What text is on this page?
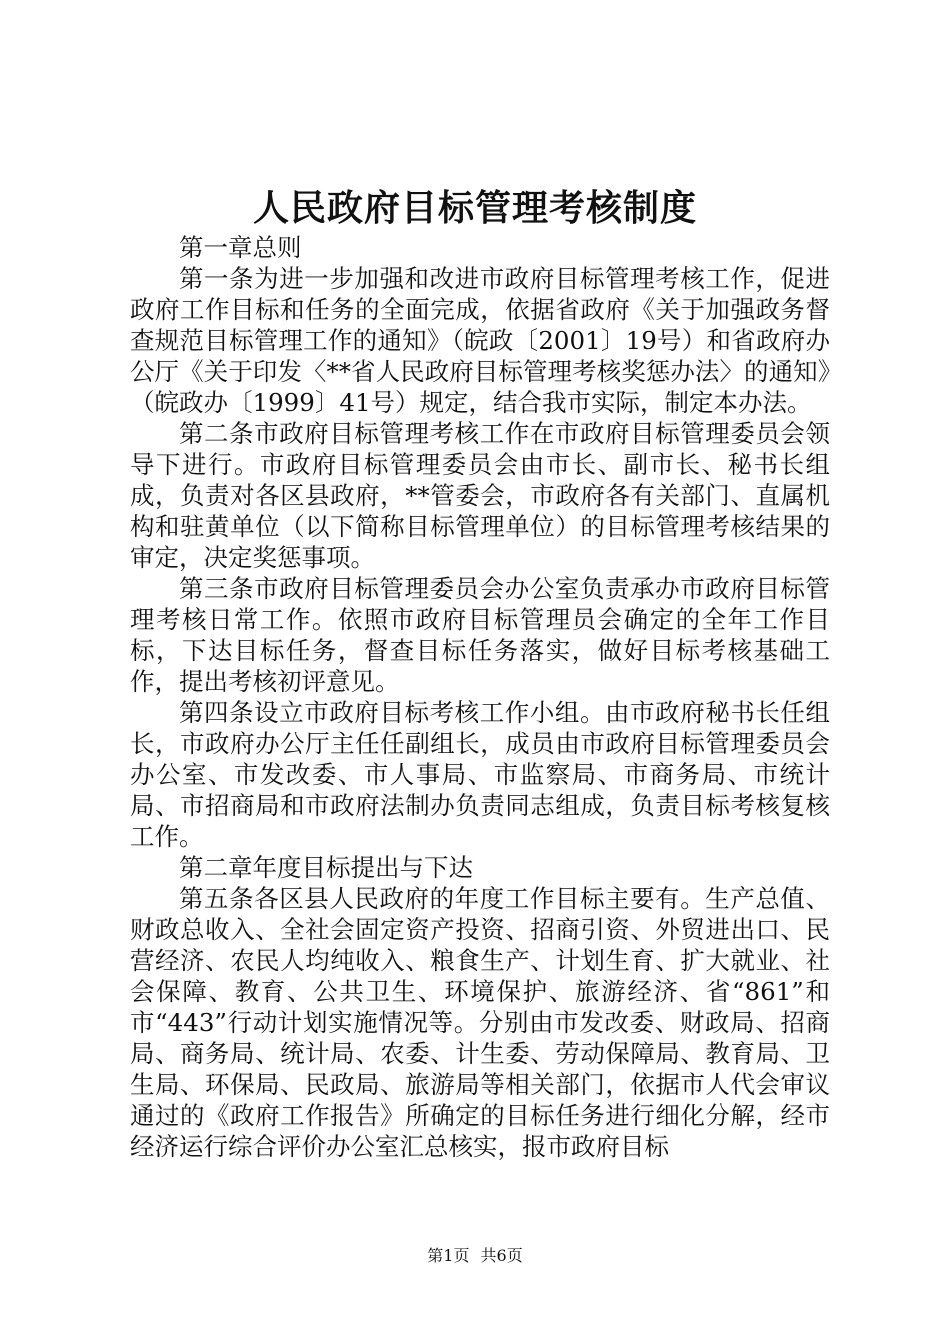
人民政府目标管理考核制度

第一章总则

第一条为进一步加强和改进市政府目标管理考核工作，促进政府工作目标和任务的全面完成，依据省政府《关于加强政务督查规范目标管理工作的通知》（皖政〔2001〕19号）和省政府办公厅《关于印发〈**省人民政府目标管理考核奖惩办法〉的通知》（皖政办〔1999〕41号）规定，结合我市实际，制定本办法。

第二条市政府目标管理考核工作在市政府目标管理委员会领导下进行。市政府目标管理委员会由市长、副市长、秘书长组成，负责对各区县政府，**管委会，市政府各有关部门、直属机构和驻黄单位（以下简称目标管理单位）的目标管理考核结果的审定，决定奖惩事项。

第三条市政府目标管理委员会办公室负责承办市政府目标管理考核日常工作。依照市政府目标管理员会确定的全年工作目标，下达目标任务，督查目标任务落实，做好目标考核基础工作，提出考核初评意见。

第四条设立市政府目标考核工作小组。由市政府秘书长任组长，市政府办公厅主任任副组长，成员由市政府目标管理委员会办公室、市发改委、市人事局、市监察局、市商务局、市统计局、市招商局和市政府法制办负责同志组成，负责目标考核复核工作。

第二章年度目标提出与下达

第五条各区县人民政府的年度工作目标主要有。生产总值、财政总收入、全社会固定资产投资、招商引资、外贸进出口、民营经济、农民人均纯收入、粮食生产、计划生育、扩大就业、社会保障、教育、公共卫生、环境保护、旅游经济、省“861”和市“443”行动计划实施情况等。分别由市发改委、财政局、招商局、商务局、统计局、农委、计生委、劳动保障局、教育局、卫生局、环保局、民政局、旅游局等相关部门，依据市人代会审议通过的《政府工作报告》所确定的目标任务进行细化分解，经市经济运行综合评价办公室汇总核实，报市政府目标

第1页 共6页
